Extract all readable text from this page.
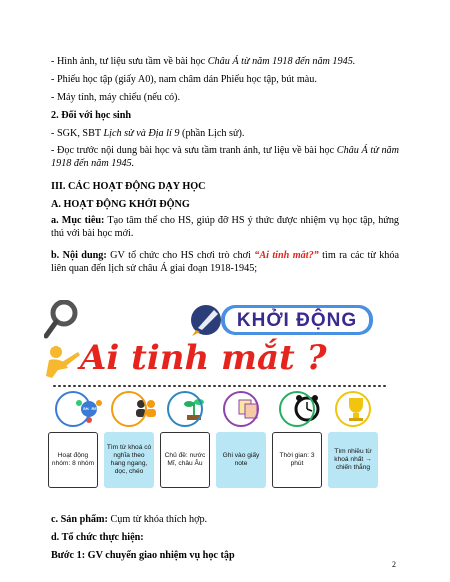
- Hình ảnh, tư liệu sưu tầm về bài học Châu Á từ năm 1918 đến năm 1945.
- Phiếu học tập (giấy A0), nam châm dán Phiếu học tập, bút màu.
- Máy tính, máy chiếu (nếu có).
2. Đối với học sinh
- SGK, SBT Lịch sử và Địa lí 9 (phần Lịch sử).
- Đọc trước nội dung bài học và sưu tầm tranh ảnh, tư liệu về bài học Châu Á từ năm 1918 đến năm 1945.
III. CÁC HOẠT ĐỘNG DẠY HỌC
A. HOẠT ĐỘNG KHỞI ĐỘNG
a. Mục tiêu: Tạo tâm thế cho HS, giúp đỡ HS ý thức được nhiệm vụ học tập, hứng thú với bài học mới.
b. Nội dung: GV tổ chức cho HS chơi trò chơi “Ai tinh mắt?” tìm ra các từ khóa liên quan đến lịch sử châu Á giai đoạn 1918-1945;
KHỞI ĐỘNG
Ai tinh mắt ?
SHARE
Hoạt động nhóm: 8 nhóm
Tìm từ khoá có nghĩa theo hang ngang, dọc, chéo
Chủ đề: nước Mĩ, châu Âu
Ghi vào giấy note
Thời gian: 3 phút
Tìm nhiều từ khoá nhất → chiến thắng
2
c. Sản phẩm: Cụm từ khóa thích hợp.
d. Tổ chức thực hiện:
Bước 1: GV chuyển giao nhiệm vụ học tập
